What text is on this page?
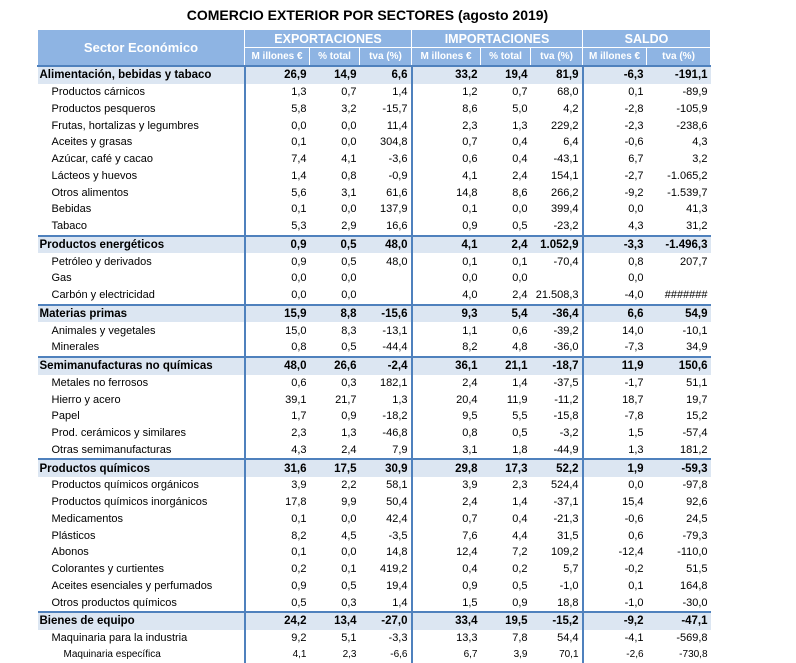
COMERCIO EXTERIOR POR SECTORES (agosto 2019)
Sector Económico	EXPORTACIONES			IMPORTACIONES			SALDO	
	M illones €	% total	tva (%)	M illones €	% total	tva (%)	M illones €	tva (%)
Alimentación, bebidas y tabaco	26,9	14,9	6,6	33,2	19,4	81,9	-6,3	-191,1
Productos cárnicos	1,3	0,7	1,4	1,2	0,7	68,0	0,1	-89,9
Productos pesqueros	5,8	3,2	-15,7	8,6	5,0	4,2	-2,8	-105,9
Frutas, hortalizas y legumbres	0,0	0,0	11,4	2,3	1,3	229,2	-2,3	-238,6
Aceites y grasas	0,1	0,0	304,8	0,7	0,4	6,4	-0,6	4,3
Azúcar, café y cacao	7,4	4,1	-3,6	0,6	0,4	-43,1	6,7	3,2
Lácteos y huevos	1,4	0,8	-0,9	4,1	2,4	154,1	-2,7	-1.065,2
Otros alimentos	5,6	3,1	61,6	14,8	8,6	266,2	-9,2	-1.539,7
Bebidas	0,1	0,0	137,9	0,1	0,0	399,4	0,0	41,3
Tabaco	5,3	2,9	16,6	0,9	0,5	-23,2	4,3	31,2
Productos energéticos	0,9	0,5	48,0	4,1	2,4	1.052,9	-3,3	-1.496,3
Petróleo y derivados	0,9	0,5	48,0	0,1	0,1	-70,4	0,8	207,7
Gas	0,0	0,0		0,0	0,0		0,0	
Carbón y electricidad	0,0	0,0		4,0	2,4	21.508,3	-4,0	#######
Materias primas	15,9	8,8	-15,6	9,3	5,4	-36,4	6,6	54,9
Animales y vegetales	15,0	8,3	-13,1	1,1	0,6	-39,2	14,0	-10,1
Minerales	0,8	0,5	-44,4	8,2	4,8	-36,0	-7,3	34,9
Semimanufacturas no químicas	48,0	26,6	-2,4	36,1	21,1	-18,7	11,9	150,6
Metales no ferrosos	0,6	0,3	182,1	2,4	1,4	-37,5	-1,7	51,1
Hierro y acero	39,1	21,7	1,3	20,4	11,9	-11,2	18,7	19,7
Papel	1,7	0,9	-18,2	9,5	5,5	-15,8	-7,8	15,2
Prod. cerámicos y similares	2,3	1,3	-46,8	0,8	0,5	-3,2	1,5	-57,4
Otras semimanufacturas	4,3	2,4	7,9	3,1	1,8	-44,9	1,3	181,2
Productos químicos	31,6	17,5	30,9	29,8	17,3	52,2	1,9	-59,3
Productos químicos orgánicos	3,9	2,2	58,1	3,9	2,3	524,4	0,0	-97,8
Productos químicos inorgánicos	17,8	9,9	50,4	2,4	1,4	-37,1	15,4	92,6
Medicamentos	0,1	0,0	42,4	0,7	0,4	-21,3	-0,6	24,5
Plásticos	8,2	4,5	-3,5	7,6	4,4	31,5	0,6	-79,3
Abonos	0,1	0,0	14,8	12,4	7,2	109,2	-12,4	-110,0
Colorantes y curtientes	0,2	0,1	419,2	0,4	0,2	5,7	-0,2	51,5
Aceites esenciales y perfumados	0,9	0,5	19,4	0,9	0,5	-1,0	0,1	164,8
Otros productos químicos	0,5	0,3	1,4	1,5	0,9	18,8	-1,0	-30,0
Bienes de equipo	24,2	13,4	-27,0	33,4	19,5	-15,2	-9,2	-47,1
Maquinaria para la industria	9,2	5,1	-3,3	13,3	7,8	54,4	-4,1	-569,8
Maquinaria específica	4,1	2,3	-6,6	6,7	3,9	70,1	-2,6	-730,8
